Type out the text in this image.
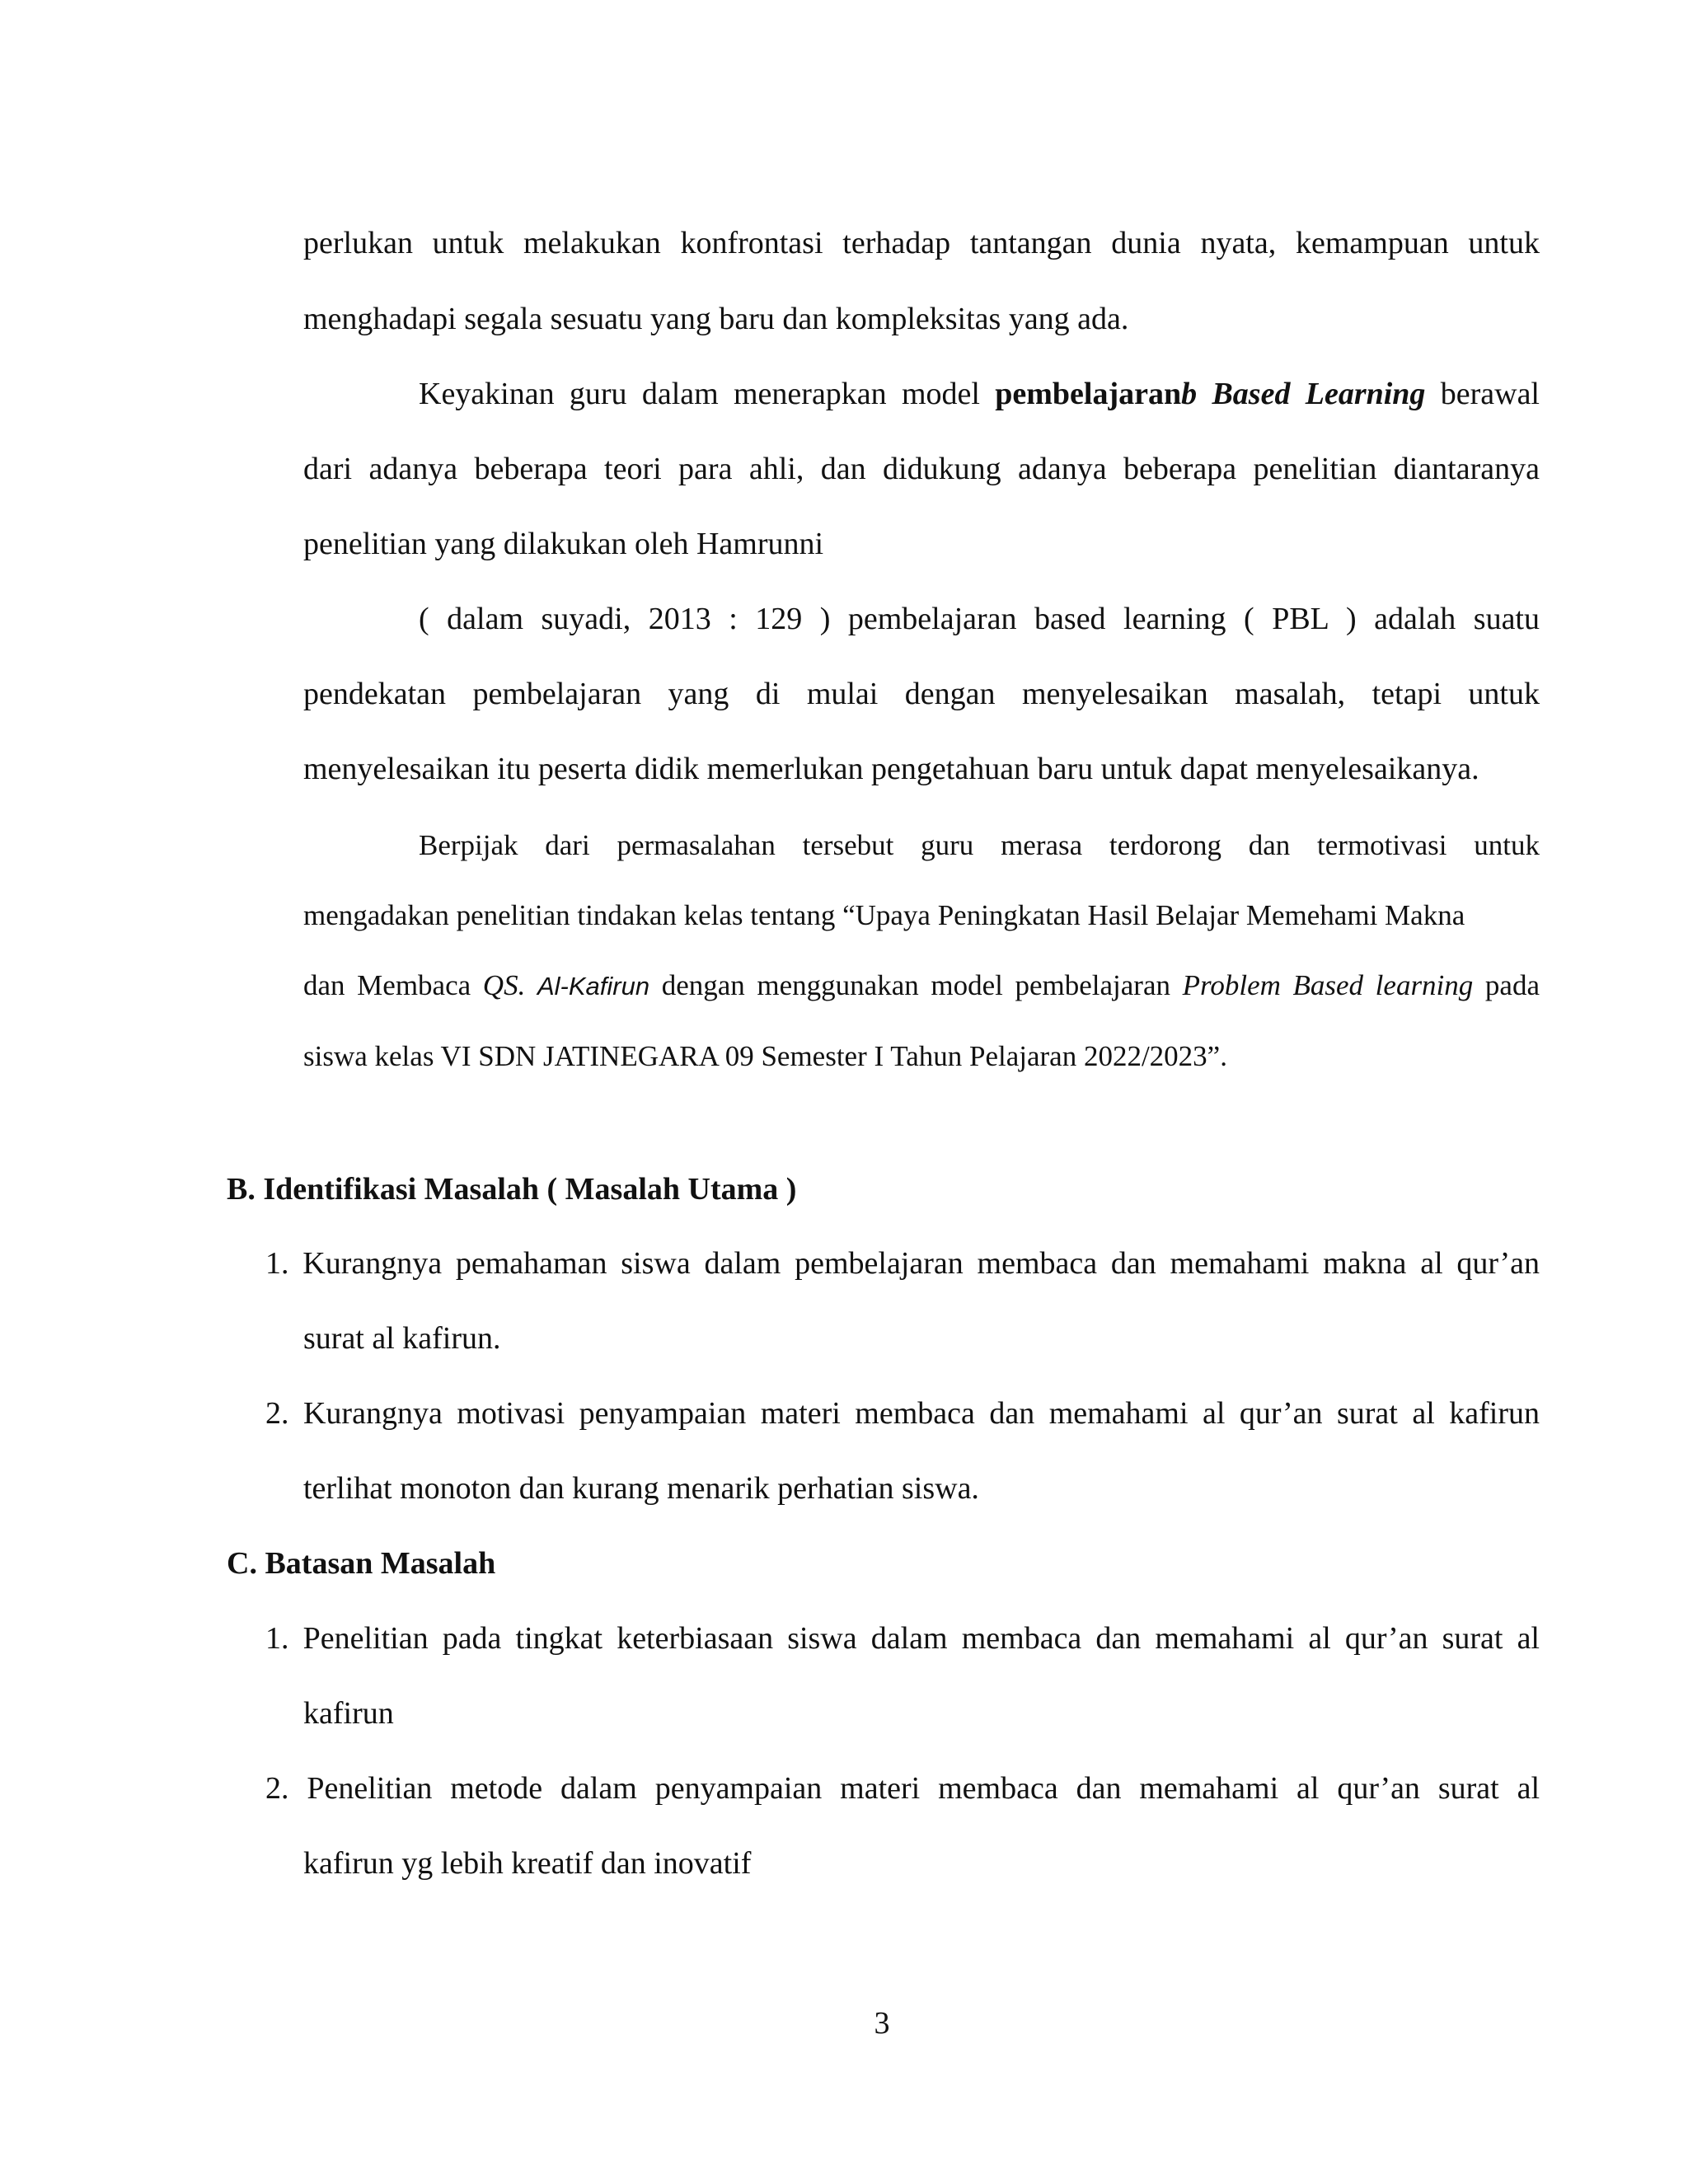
perlukan untuk melakukan konfrontasi terhadap tantangan dunia nyata, kemampuan untuk
menghadapi segala sesuatu yang baru dan kompleksitas yang ada.
Keyakinan guru dalam menerapkan model pembelajaranb Based Learning berawal
dari adanya beberapa teori para ahli, dan didukung adanya beberapa penelitian diantaranya
penelitian yang dilakukan oleh Hamrunni
( dalam suyadi, 2013 : 129 ) pembelajaran based learning ( PBL ) adalah suatu
pendekatan pembelajaran yang di mulai dengan menyelesaikan masalah, tetapi untuk
menyelesaikan itu peserta didik memerlukan pengetahuan baru untuk dapat menyelesaikanya.
Berpijak dari permasalahan tersebut guru merasa terdorong dan termotivasi untuk
mengadakan penelitian tindakan kelas tentang “Upaya Peningkatan Hasil Belajar Memehami Makna
dan Membaca QS. Al-Kafirun dengan menggunakan model pembelajaran Problem Based learning pada
siswa kelas VI SDN JATINEGARA 09 Semester I Tahun Pelajaran 2022/2023”.
B. Identifikasi Masalah ( Masalah Utama )
1. Kurangnya pemahaman siswa dalam pembelajaran membaca dan memahami makna al qur’an
surat al kafirun.
2. Kurangnya motivasi penyampaian materi membaca dan memahami al qur’an surat al kafirun
terlihat monoton dan kurang menarik perhatian siswa.
C. Batasan Masalah
1. Penelitian pada tingkat keterbiasaan siswa dalam membaca dan memahami al qur’an surat al
kafirun
2. Penelitian metode dalam penyampaian materi membaca dan memahami al qur’an surat al
kafirun yg lebih kreatif dan inovatif
3
